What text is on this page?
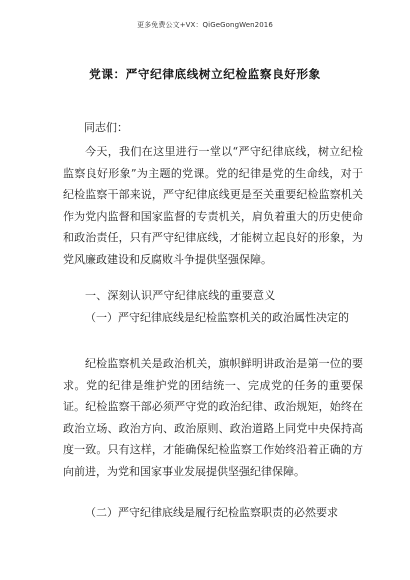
更多免费公文+VX：QiGeGongWen2016
党课：严守纪律底线树立纪检监察良好形象
同志们：
今天，我们在这里进行一堂以“严守纪律底线，树立纪检监察良好形象”为主题的党课。党的纪律是党的生命线，对于纪检监察干部来说，严守纪律底线更是至关重要纪检监察机关作为党内监督和国家监督的专责机关，肩负着重大的历史使命和政治责任，只有严守纪律底线，才能树立起良好的形象，为党风廉政建设和反腐败斗争提供坚强保障。
一、深刻认识严守纪律底线的重要意义
（一）严守纪律底线是纪检监察机关的政治属性决定的
纪检监察机关是政治机关，旗帜鲜明讲政治是第一位的要求。党的纪律是维护党的团结统一、完成党的任务的重要保证。纪检监察干部必须严守党的政治纪律、政治规矩，始终在政治立场、政治方向、政治原则、政治道路上同党中央保持高度一致。只有这样，才能确保纪检监察工作始终沿着正确的方向前进，为党和国家事业发展提供坚强纪律保障。
（二）严守纪律底线是履行纪检监察职责的必然要求
